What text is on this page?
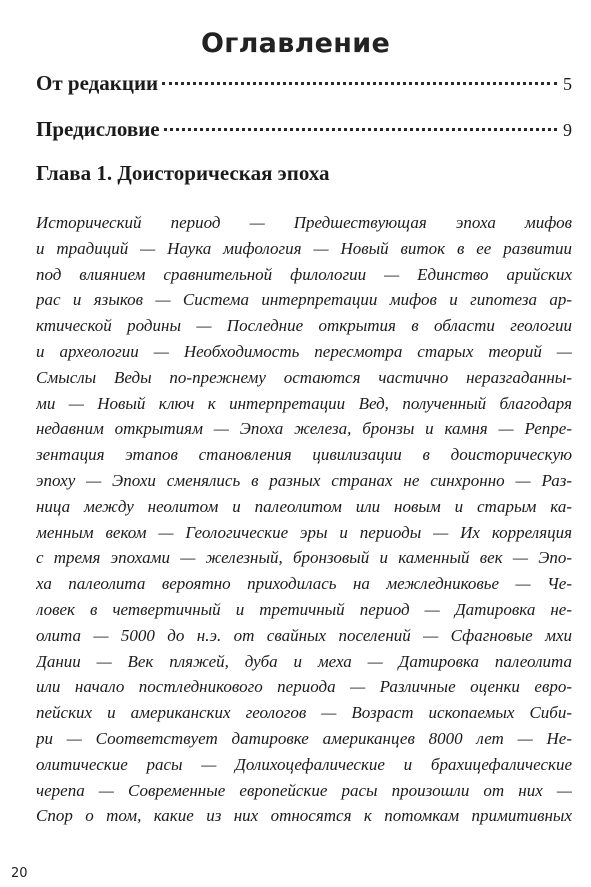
Оглавление
От редакции	5
Предисловие	9
Глава 1. Доисторическая эпоха
Исторический период — Предшествующая эпоха мифов
и традиций — Наука мифология — Новый виток в ее развитии
под влиянием сравнительной филологии — Единство арийских
рас и языков — Система интерпретации мифов и гипотеза ар-
ктической родины — Последние открытия в области геологии
и археологии — Необходимость пересмотра старых теорий —
Смыслы Веды по-прежнему остаются частично неразгаданны-
ми — Новый ключ к интерпретации Вед, полученный благодаря
недавним открытиям — Эпоха железа, бронзы и камня — Репре-
зентация этапов становления цивилизации в доисторическую
эпоху — Эпохи сменялись в разных странах не синхронно — Раз-
ница между неолитом и палеолитом или новым и старым ка-
менным веком — Геологические эры и периоды — Их корреляция
с тремя эпохами — железный, бронзовый и каменный век — Эпо-
ха палеолита вероятно приходилась на межледниковье — Че-
ловек в четвертичный и третичный период — Датировка не-
олита — 5000 до н.э. от свайных поселений — Сфагновые мхи
Дании — Век пляжей, дуба и меха — Датировка палеолита
или начало постледникового периода — Различные оценки евро-
пейских и американских геологов — Возраст ископаемых Сиби-
ри — Соответствует датировке американцев 8000 лет — Не-
олитические расы — Долихоцефалические и брахицефалические
черепа — Современные европейские расы произошли от них —
Спор о том, какие из них относятся к потомкам примитивных
20
